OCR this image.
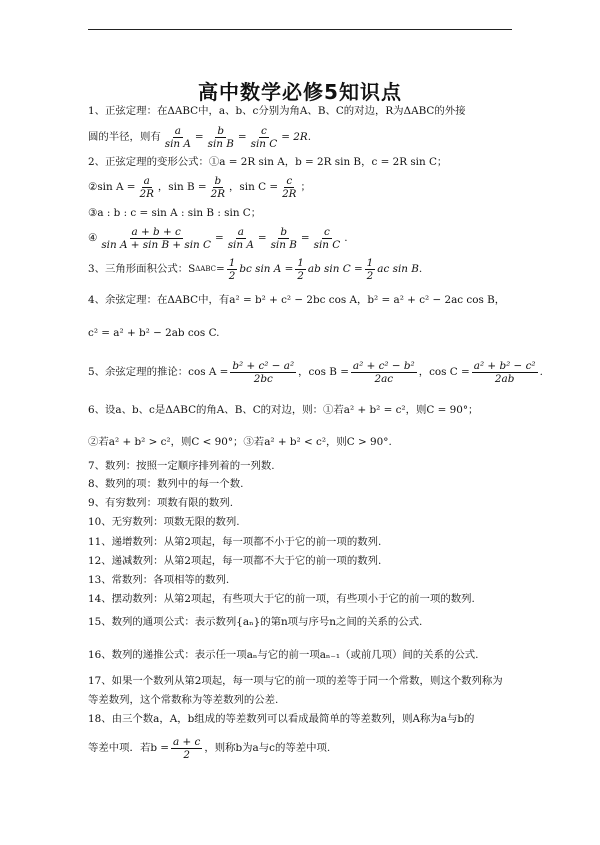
高中数学必修5知识点
1、正弦定理：在ΔABC中，a、b、c分别为角A、B、C的对边，R为ΔABC的外接
圆的半径，则有 $\frac{a}{\text{sin A}} = \frac{b}{\text{sin B}} = \frac{c}{\text{sin C}} = 2R$ .
2、正弦定理的变形公式：①a = 2R sin A，b = 2R sin B，c = 2R sin C；
②sin $A = \frac{a}{2R}$ ，$\sin B = \frac{b}{2R}$ ，$\sin C = \frac{c}{2R}$ ；
③a : b : c = sin A : sin B : sin C；
④ $\frac{a + b + c}{\text{sin A + sin B + sin C}} = \frac{a}{\text{sin A}} = \frac{b}{\text{sin B}} = \frac{c}{\text{sin C}}$ .
3、三角形面积公式：S $\Delta ABC = \frac{1}{2}$ bc $\sin A = \frac{1}{2}$ ab $\sin C = \frac{1}{2}$ ac sin B.
4、余弦定理：在ΔABC中，有a² = b² + c² − 2bc cos A，b² = a² + c² − 2ac cos B，
c² = a² + b² − 2ab cos C.
5、余弦定理的推论：$\cos A = \frac{\text{b² + c² − a²}}{2bc}$ ，$\cos B = \frac{\text{a² + c² − b²}}{2ac}$ ，$\cos C = \frac{\text{a² + b² − c²}}{2ab}$ .
6、设a、b、c是ΔABC的角A、B、C的对边，则：①若a² + b² = c²，则C = 90°；
②若a² + b² > c²，则C < 90°；③若a² + b² < c²，则C > 90°.
7、数列：按照一定顺序排列着的一列数.
8、数列的项：数列中的每一个数.
9、有穷数列：项数有限的数列.
10、无穷数列：项数无限的数列.
11、递增数列：从第2项起，每一项都不小于它的前一项的数列.
12、递减数列：从第2项起，每一项都不大于它的前一项的数列.
13、常数列：各项相等的数列.
14、摆动数列：从第2项起，有些项大于它的前一项，有些项小于它的前一项的数列.
15、数列的通项公式：表示数列{aₙ}的第n项与序号n之间的关系的公式.
16、数列的递推公式：表示任一项aₙ与它的前一项aₙ₋₁（或前几项）间的关系的公式.
17、如果一个数列从第2项起，每一项与它的前一项的差等于同一个常数，则这个数列称为
等差数列，这个常数称为等差数列的公差.
18、由三个数a，A，b组成的等差数列可以看成最简单的等差数列，则A称为a与b的
等差中项．若$b = \frac{a + c}{2}$ ，则称b为a与c的等差中项.
